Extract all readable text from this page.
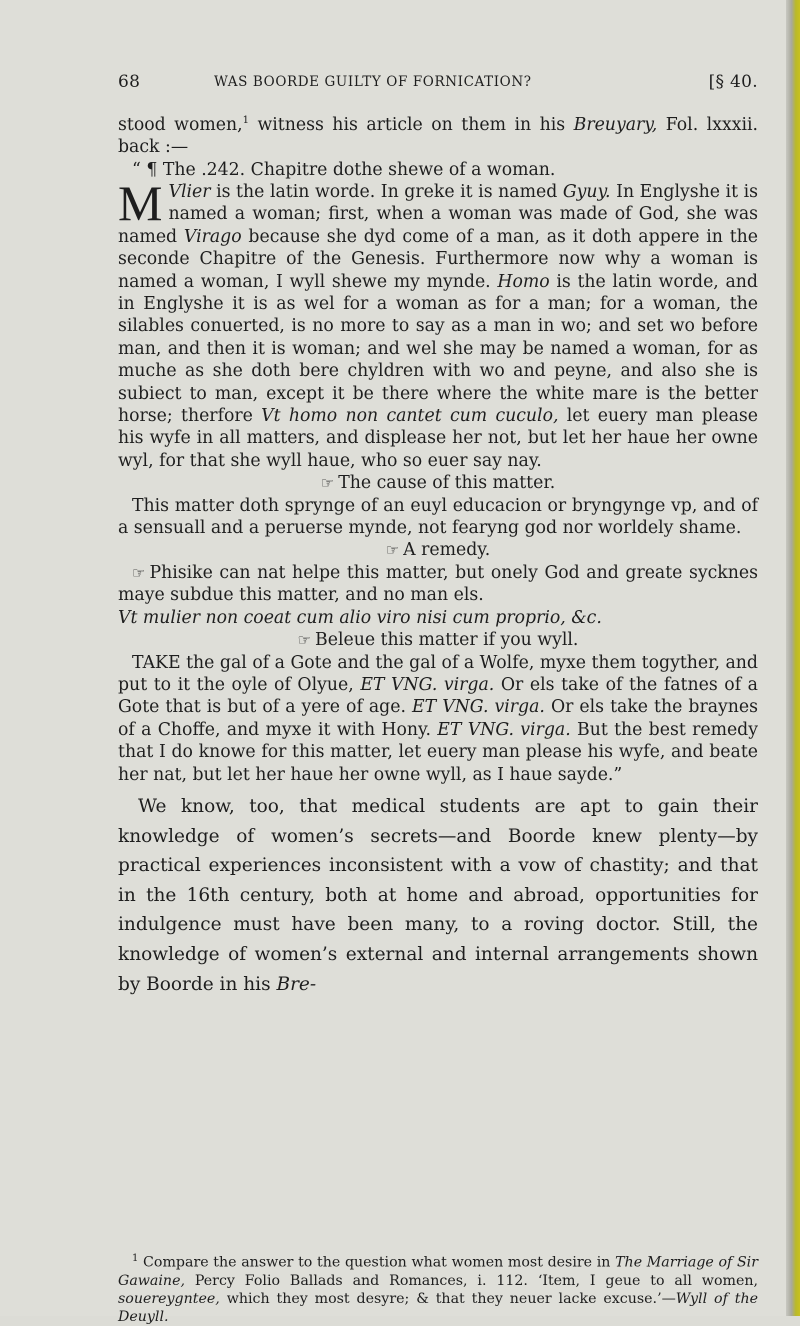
68	WAS BOORDE GUILTY OF FORNICATION?	[§ 40.

stood women,$^1$ witness his article on them in his Breuyary, Fol. lxxxii. back :—

“ ¶ The .242. Chapitre dothe shewe of a woman.

M Vlier is the latin worde. In greke it is named Gyuy. In Englyshe it is named a woman; first, when a woman was made of God, she was named Virago because she dyd come of a man, as it doth appere in the seconde Chapitre of the Genesis. Furthermore now why a woman is named a woman, I wyll shewe my mynde. Homo is the latin worde, and in Englyshe it is as wel for a woman as for a man; for a woman, the silables conuerted, is no more to say as a man in wo; and set wo before man, and then it is woman; and wel she may be named a woman, for as muche as she doth bere chyldren with wo and peyne, and also she is subiect to man, except it be there where the white mare is the better horse; therfore Vt homo non cantet cum cuculo, let euery man please his wyfe in all matters, and displease her not, but let her haue her owne wyl, for that she wyll haue, who so euer say nay.

☞ The cause of this matter.

This matter doth sprynge of an euyl educacion or bryngynge vp, and of a sensuall and a peruerse mynde, not fearyng god nor worldely shame.

☞ A remedy.

☞ Phisike can nat helpe this matter, but onely God and greate sycknes maye subdue this matter, and no man els.

Vt mulier non coeat cum alio viro nisi cum proprio, &c.

☞ Beleue this matter if you wyll.

TAKE the gal of a Gote and the gal of a Wolfe, myxe them togyther, and put to it the oyle of Olyue, ET VNG. virga. Or els take of the fatnes of a Gote that is but of a yere of age. ET VNG. virga. Or els take the braynes of a Choffe, and myxe it with Hony. ET VNG. virga. But the best remedy that I do knowe for this matter, let euery man please his wyfe, and beate her nat, but let her haue her owne wyll, as I haue sayde.”

We know, too, that medical students are apt to gain their knowledge of women’s secrets—and Boorde knew plenty—by practical experiences inconsistent with a vow of chastity; and that in the 16th century, both at home and abroad, opportunities for indulgence must have been many, to a roving doctor. Still, the knowledge of women’s external and internal arrangements shown by Boorde in his Bre-

$^1$ Compare the answer to the question what women most desire in The Marriage of Sir Gawaine, Percy Folio Ballads and Romances, i. 112. ‘Item, I geue to all women, souereygntee, which they most desyre; & that they neuer lacke excuse.’—Wyll of the Deuyll.
